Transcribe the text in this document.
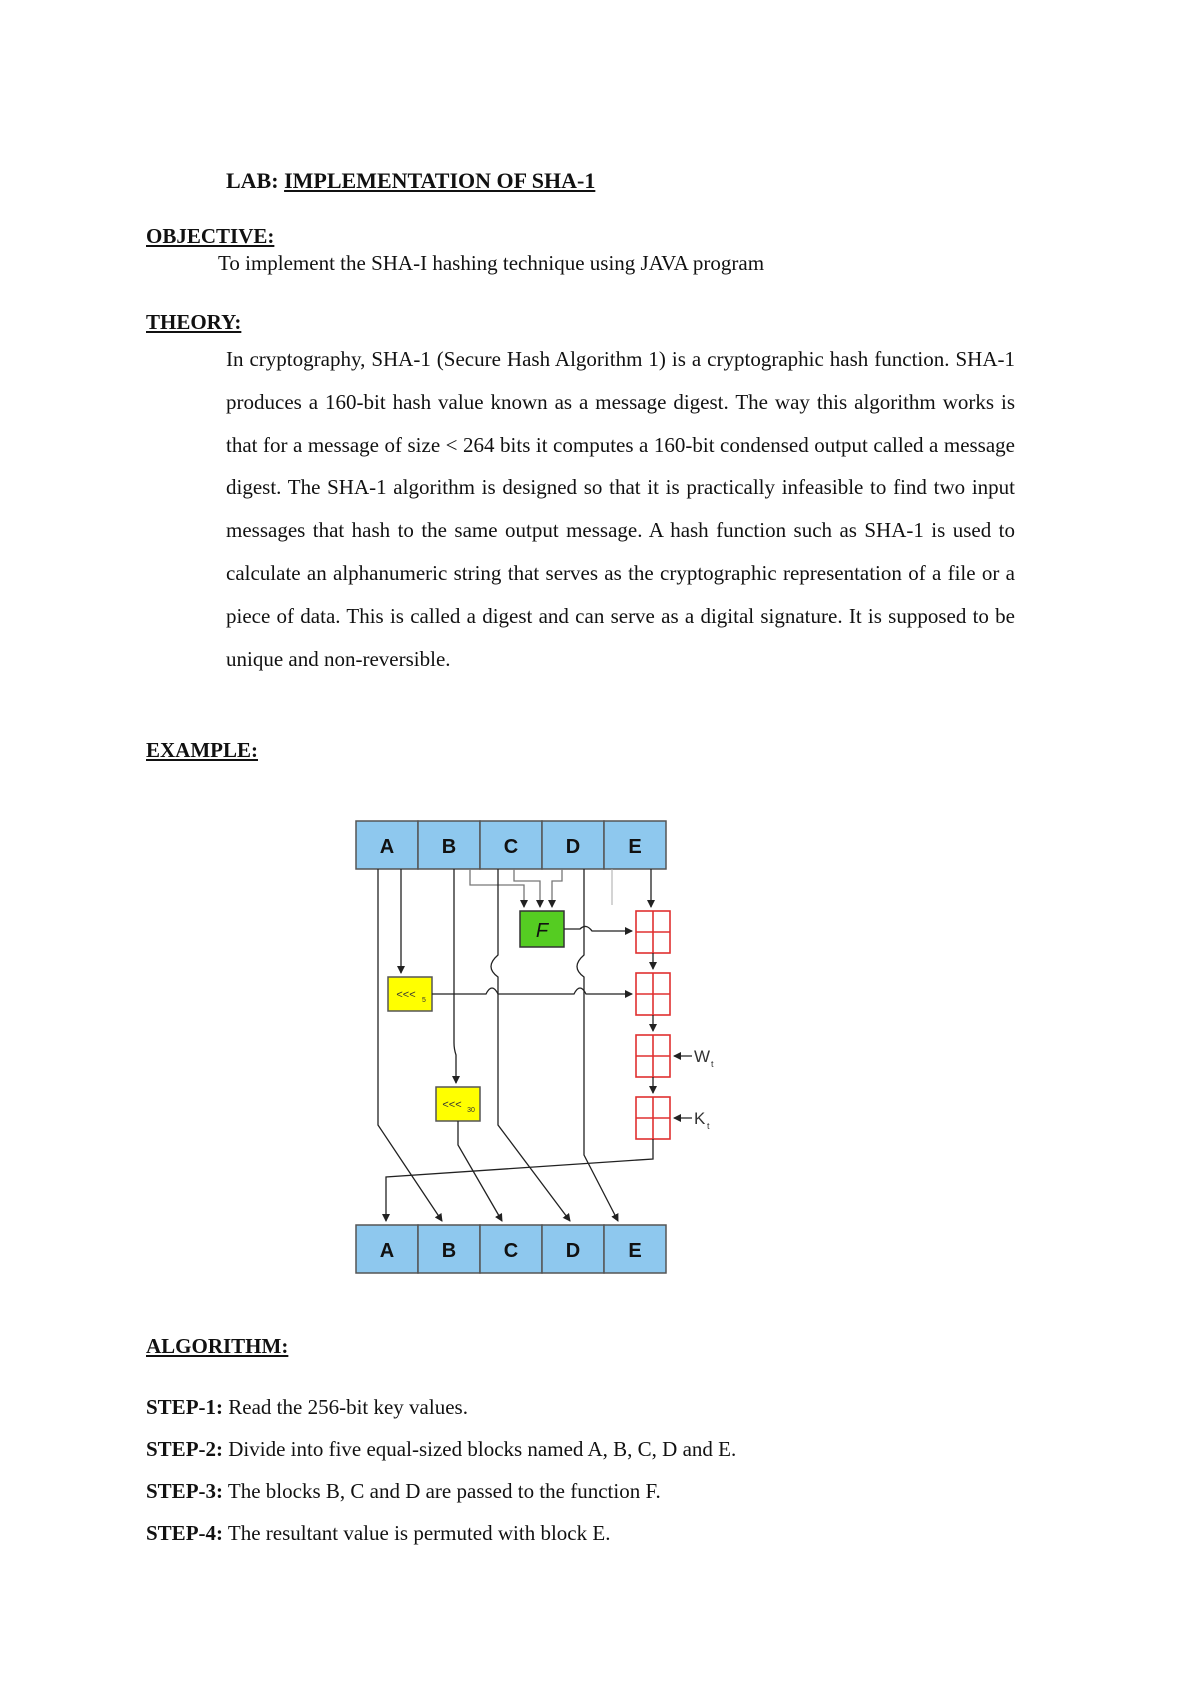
LAB: IMPLEMENTATION OF SHA-1
OBJECTIVE:
To implement the SHA-I hashing technique using JAVA program
THEORY:

In cryptography, SHA-1 (Secure Hash Algorithm 1) is a cryptographic hash function. SHA-1 produces a 160-bit hash value known as a message digest. The way this algorithm works is that for a message of size < 264 bits it computes a 160-bit condensed output called a message digest. The SHA-1 algorithm is designed so that it is practically infeasible to find two input messages that hash to the same output message. A hash function such as SHA-1 is used to calculate an alphanumeric string that serves as the cryptographic representation of a file or a piece of data. This is called a digest and can serve as a digital signature. It is supposed to be unique and non-reversible.

EXAMPLE:
A B C D E
F
<<< 5
<<< 30
W t
K t
A B C D E
ALGORITHM:
STEP-1: Read the 256-bit key values.
STEP-2: Divide into five equal-sized blocks named A, B, C, D and E.
STEP-3: The blocks B, C and D are passed to the function F.
STEP-4: The resultant value is permuted with block E.
